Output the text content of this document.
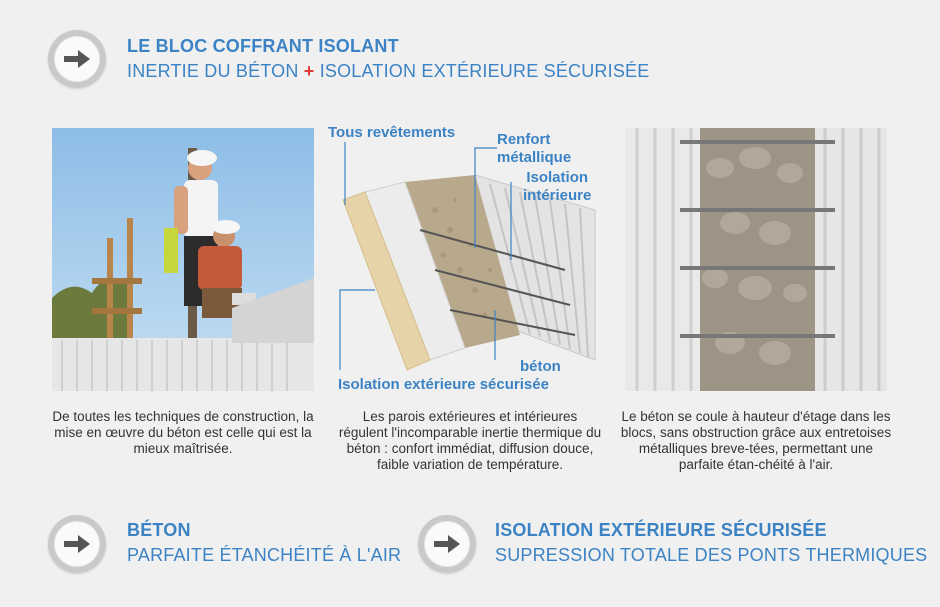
LE BLOC COFFRANT ISOLANT
INERTIE DU BÉTON + ISOLATION EXTÉRIEURE SÉCURISÉE
Tous revêtements	Renfort
métallique
Isolation
intérieure
béton
Isolation extérieure sécurisée
De toutes les techniques de construction, la mise en œuvre du béton est celle qui est la mieux maîtrisée.
Les parois extérieures et intérieures régulent l'incomparable inertie thermique du béton : confort immédiat, diffusion douce, faible variation de température.
Le béton se coule à hauteur d'étage dans les blocs, sans obstruction grâce aux entretoises métalliques breve-tées, permettant une parfaite étan-chéité à l'air.
BÉTON
PARFAITE ÉTANCHÉITÉ À L'AIR
ISOLATION EXTÉRIEURE SÉCURISÉE
SUPRESSION TOTALE DES PONTS THERMIQUES
